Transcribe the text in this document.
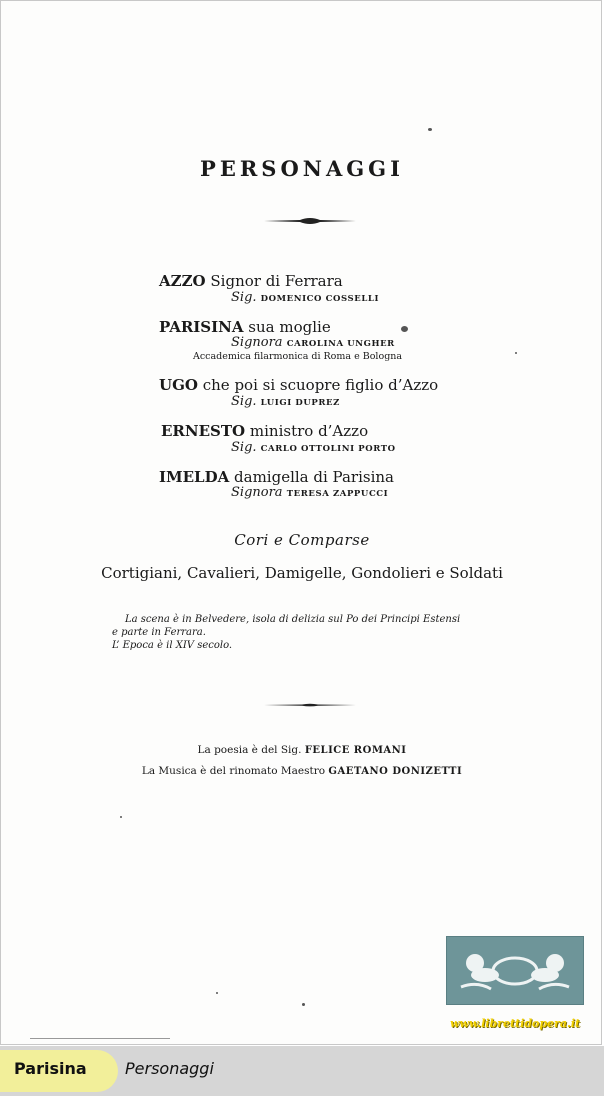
PERSONAGGI
AZZO Signor di Ferrara
Sig. DOMENICO COSSELLI
PARISINA sua moglie
Signora CAROLINA UNGHER
Accademica filarmonica di Roma e Bologna
UGO che poi si scuopre figlio d’Azzo
Sig. LUIGI DUPREZ
ERNESTO ministro d’Azzo
Sig. CARLO OTTOLINI PORTO
IMELDA damigella di Parisina
Signora TERESA ZAPPUCCI
Cori e Comparse
Cortigiani, Cavalieri, Damigelle, Gondolieri e Soldati
La scena è in Belvedere, isola di delizia sul Po dei Principi Estensi
e parte in Ferrara.
L’ Epoca è il XIV secolo.
La poesia è del Sig. FELICE ROMANI
La Musica è del rinomato Maestro GAETANO DONIZETTI
www.librettidopera.it
Parisina Personaggi
